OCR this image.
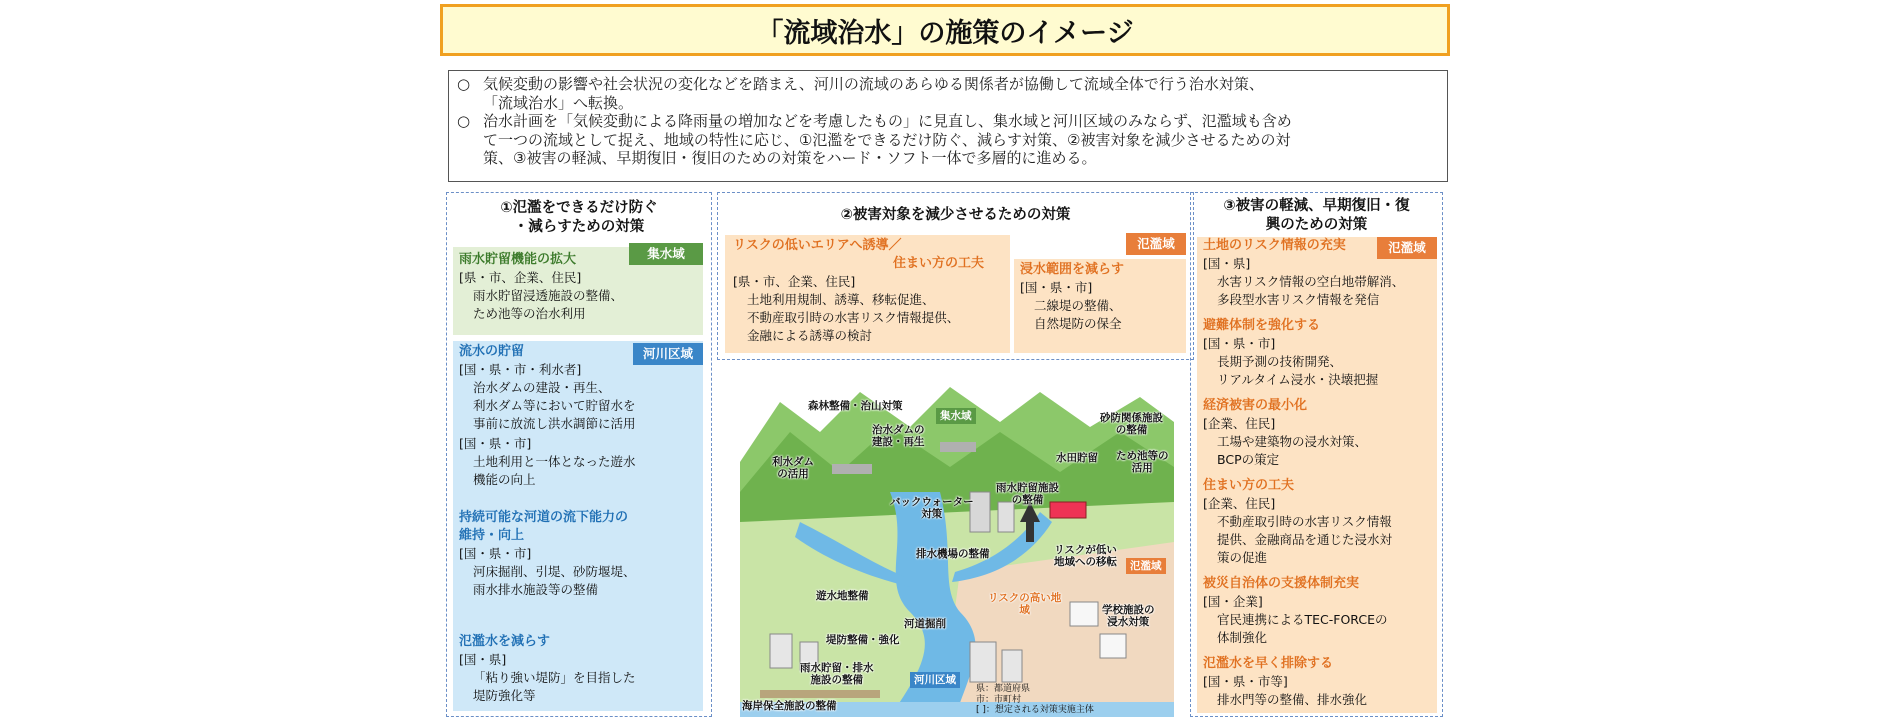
「流域治水」の施策のイメージ
○ 気候変動の影響や社会状況の変化などを踏まえ、河川の流域のあらゆる関係者が協働して流域全体で行う治水対策、
「流域治水」へ転換。
○ 治水計画を「気候変動による降雨量の増加などを考慮したもの」に見直し、集水域と河川区域のみならず、氾濫域も含め
て一つの流域として捉え、地域の特性に応じ、①氾濫をできるだけ防ぐ、減らす対策、②被害対象を減少させるための対
策、③被害の軽減、早期復旧・復旧のための対策をハード・ソフト一体で多層的に進める。
①氾濫をできるだけ防ぐ
・減らすための対策
集水域
雨水貯留機能の拡大
[県・市、企業、住民]
雨水貯留浸透施設の整備、
ため池等の治水利用
河川区域
流水の貯留
[国・県・市・利水者]
治水ダムの建設・再生、
利水ダム等において貯留水を
事前に放流し洪水調節に活用
[国・県・市]
土地利用と一体となった遊水
機能の向上
持続可能な河道の流下能力の
維持・向上
[国・県・市]
河床掘削、引堤、砂防堰堤、
雨水排水施設等の整備
氾濫水を減らす
[国・県]
「粘り強い堤防」を目指した
堤防強化等
②被害対象を減少させるための対策
氾濫域
リスクの低いエリアへ誘導／
住まい方の工夫
[県・市、企業、住民]
土地利用規制、誘導、移転促進、
不動産取引時の水害リスク情報提供、
金融による誘導の検討
浸水範囲を減らす
[国・県・市]
二線堤の整備、
自然堤防の保全
③被害の軽減、早期復旧・復
興のための対策
氾濫域
土地のリスク情報の充実
[国・県]
水害リスク情報の空白地帯解消、
多段型水害リスク情報を発信
避難体制を強化する
[国・県・市]
長期予測の技術開発、
リアルタイム浸水・決壊把握
経済被害の最小化
[企業、住民]
工場や建築物の浸水対策、
BCPの策定
住まい方の工夫
[企業、住民]
不動産取引時の水害リスク情報
提供、金融商品を通じた浸水対
策の促進
被災自治体の支援体制充実
[国・企業]
官民連携によるTEC-FORCEの
体制強化
氾濫水を早く排除する
[国・県・市等]
排水門等の整備、排水強化
森林整備・治山対策
集水域
治水ダムの
建設・再生
砂防関係施設
の整備
利水ダム
の活用
水田貯留 ため池等の
活用
雨水貯留施設
の整備
バックウォーター
対策
排水機場の整備	リスクが低い
地域への移転	氾濫域
遊水地整備	リスクの高い地
域
河道掘削
学校施設の
浸水対策
堤防整備・強化
雨水貯留・排水
施設の整備	河川区域
海岸保全施設の整備
県：都道府県
市：市町村
[ ]：想定される対策実施主体
